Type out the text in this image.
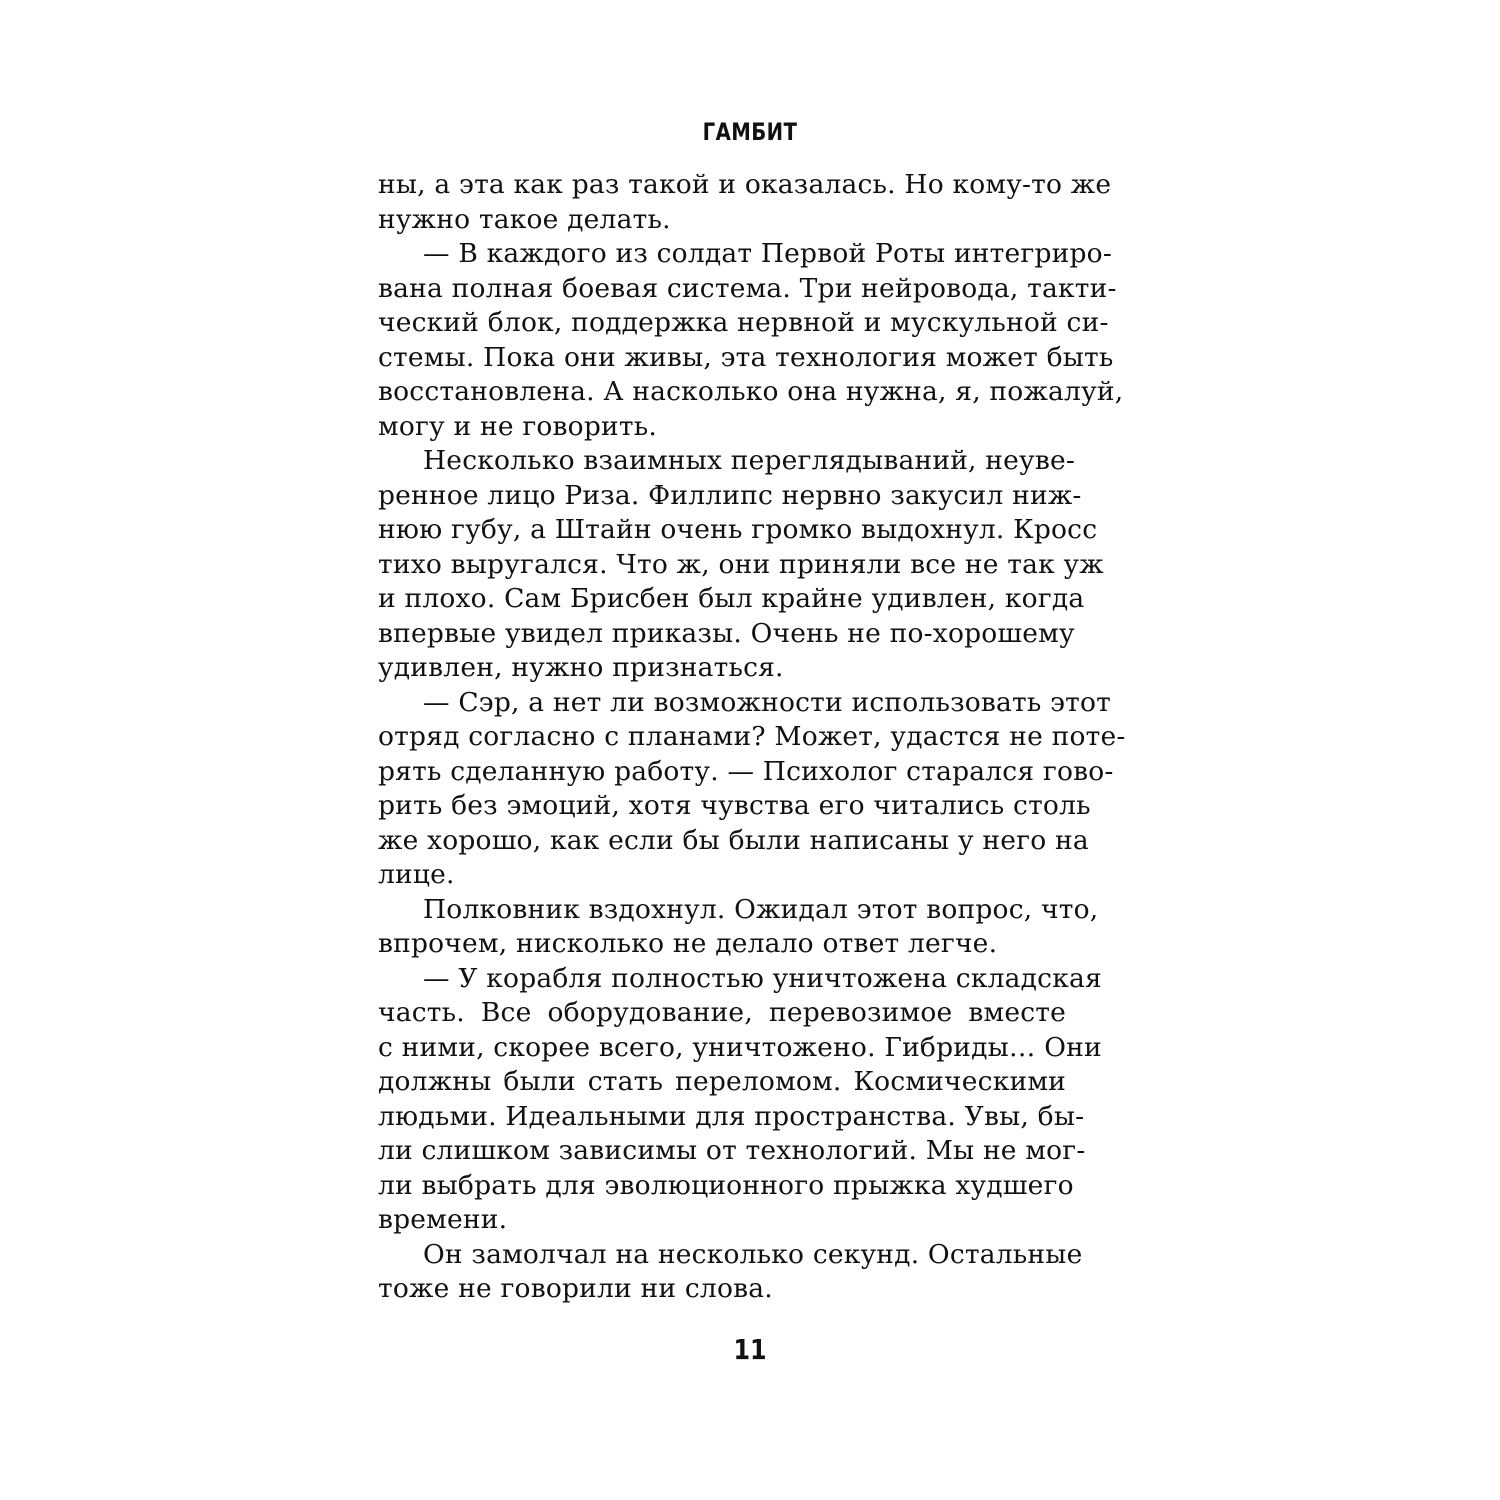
ГАМБИТ
ны, а эта как раз такой и оказалась. Но кому-то же
нужно такое делать.
— В каждого из солдат Первой Роты интегриро-
вана полная боевая система. Три нейровода, такти-
ческий блок, поддержка нервной и мускульной си-
стемы. Пока они живы, эта технология может быть
восстановлена. А насколько она нужна, я, пожалуй,
могу и не говорить.
Несколько взаимных переглядываний, неуве-
ренное лицо Риза. Филлипс нервно закусил ниж-
нюю губу, а Штайн очень громко выдохнул. Кросс
тихо выругался. Что ж, они приняли все не так уж
и плохо. Сам Брисбен был крайне удивлен, когда
впервые увидел приказы. Очень не по-хорошему
удивлен, нужно признаться.
— Сэр, а нет ли возможности использовать этот
отряд согласно с планами? Может, удастся не поте-
рять сделанную работу. — Психолог старался гово-
рить без эмоций, хотя чувства его читались столь
же хорошо, как если бы были написаны у него на
лице.
Полковник вздохнул. Ожидал этот вопрос, что,
впрочем, нисколько не делало ответ легче.
— У корабля полностью уничтожена складская
часть. Все оборудование, перевозимое вместе
с ними, скорее всего, уничтожено. Гибриды… Они
должны были стать переломом. Космическими
людьми. Идеальными для пространства. Увы, бы-
ли слишком зависимы от технологий. Мы не мог-
ли выбрать для эволюционного прыжка худшего
времени.
Он замолчал на несколько секунд. Остальные
тоже не говорили ни слова.
11
